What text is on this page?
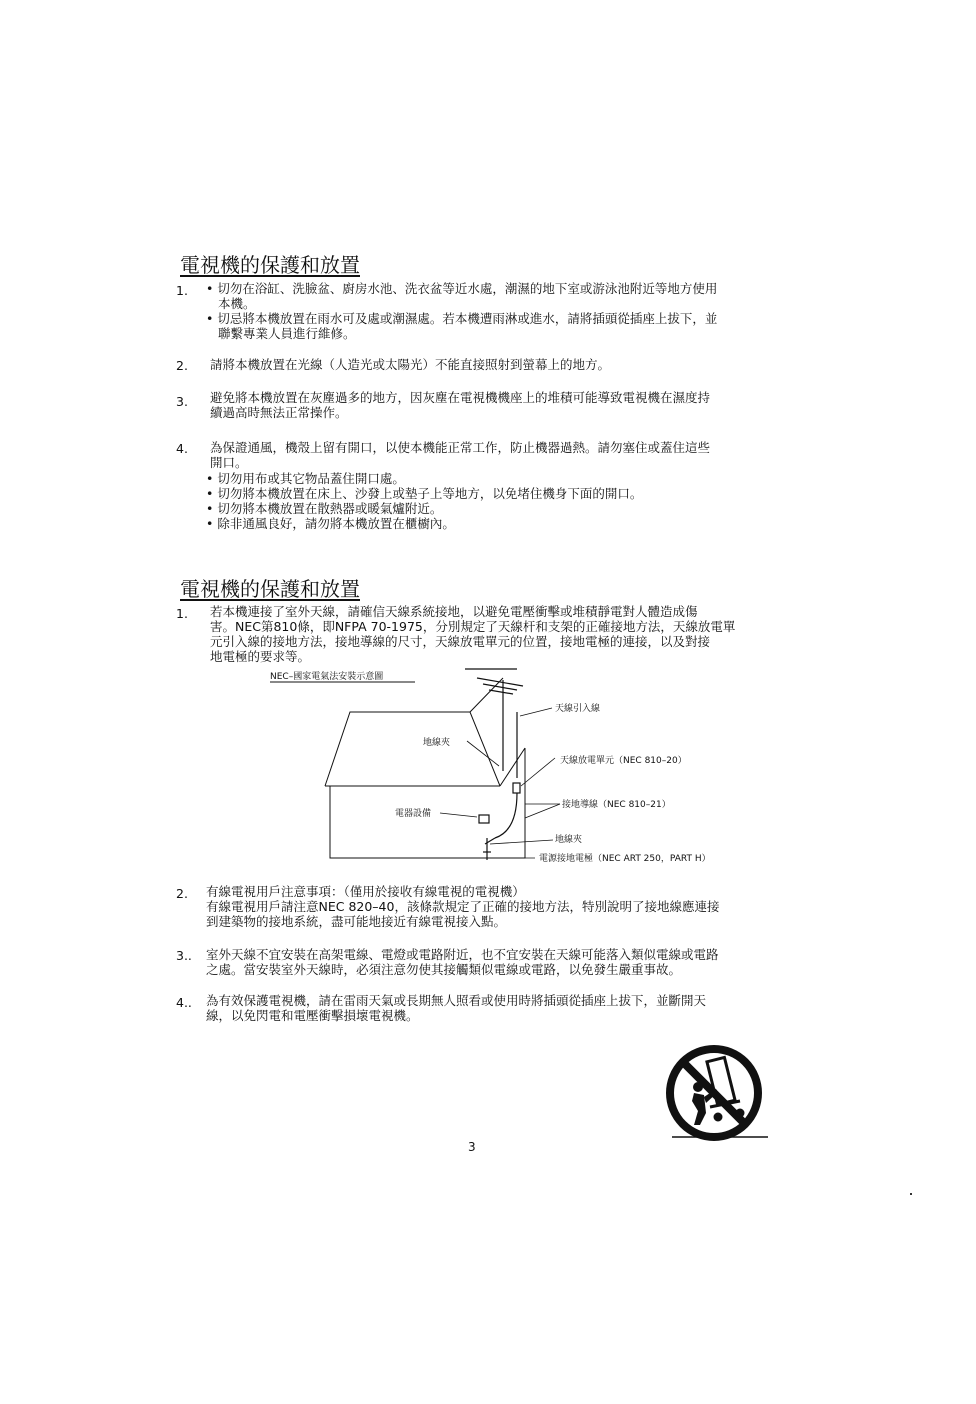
電視機的保護和放置
1. • 切勿在浴缸、洗臉盆、廚房水池、洗衣盆等近水處，潮濕的地下室或游泳池附近等地方使用
本機。
• 切忌將本機放置在雨水可及處或潮濕處。若本機遭雨淋或進水，請將插頭從插座上拔下，並
聯繫專業人員進行維修。
2. 請將本機放置在光線（人造光或太陽光）不能直接照射到螢幕上的地方。
3. 避免將本機放置在灰塵過多的地方，因灰塵在電視機機座上的堆積可能導致電視機在濕度持
續過高時無法正常操作。
4. 為保證通風，機殼上留有開口，以使本機能正常工作，防止機器過熱。請勿塞住或蓋住這些
開口。
• 切勿用布或其它物品蓋住開口處。
• 切勿將本機放置在床上、沙發上或墊子上等地方，以免堵住機身下面的開口。
• 切勿將本機放置在散熱器或暖氣爐附近。
• 除非通風良好，請勿將本機放置在櫃櫥內。
電視機的保護和放置
1. 若本機連接了室外天線，請確信天線系統接地，以避免電壓衝擊或堆積靜電對人體造成傷
害。NEC第810條，即NFPA 70-1975，分別規定了天線杆和支架的正確接地方法，天線放電單
元引入線的接地方法，接地導線的尺寸，天線放電單元的位置，接地電極的連接，以及對接
地電極的要求等。
NEC–國家電氣法安裝示意圖
天線引入線
地線夾
天線放電單元（NEC 810–20）
接地導線（NEC 810–21）
電器設備
地線夾
電源接地電極（NEC ART 250，PART H）
2. 有線電視用戶注意事項：（僅用於接收有線電視的電視機）
有線電視用戶請注意NEC 820–40，該條款規定了正確的接地方法，特別說明了接地線應連接
到建築物的接地系統，盡可能地接近有線電視接入點。
3.. 室外天線不宜安裝在高架電線、電燈或電路附近，也不宜安裝在天線可能落入類似電線或電路
之處。當安裝室外天線時，必須注意勿使其接觸類似電線或電路，以免發生嚴重事故。
4.. 為有效保護電視機，請在雷雨天氣或長期無人照看或使用時將插頭從插座上拔下，並斷開天
線，以免閃電和電壓衝擊損壞電視機。
3
